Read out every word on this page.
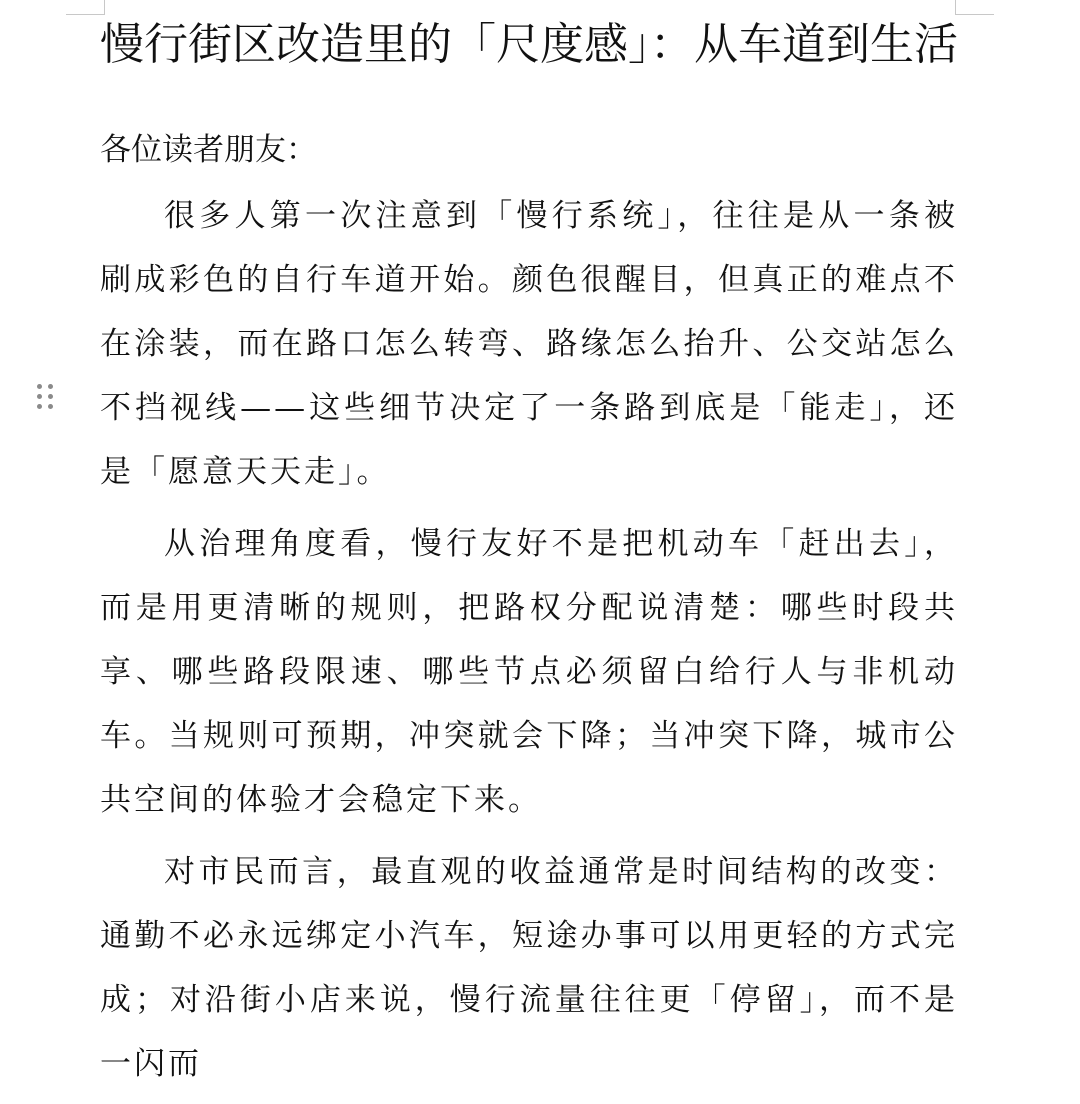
慢行街区改造里的「尺度感」：从车道到生活

各位读者朋友：

很多人第一次注意到「慢行系统」，往往是从一条被刷成彩色的自行车道开始。颜色很醒目，但真正的难点不在涂装，而在路口怎么转弯、路缘怎么抬升、公交站怎么不挡视线——这些细节决定了一条路到底是「能走」，还是「愿意天天走」。

从治理角度看，慢行友好不是把机动车「赶出去」，而是用更清晰的规则，把路权分配说清楚：哪些时段共享、哪些路段限速、哪些节点必须留白给行人与非机动车。当规则可预期，冲突就会下降；当冲突下降，城市公共空间的体验才会稳定下来。

对市民而言，最直观的收益通常是时间结构的改变：通勤不必永远绑定小汽车，短途办事可以用更轻的方式完成；对沿街小店来说，慢行流量往往更「停留」，而不是一闪而
